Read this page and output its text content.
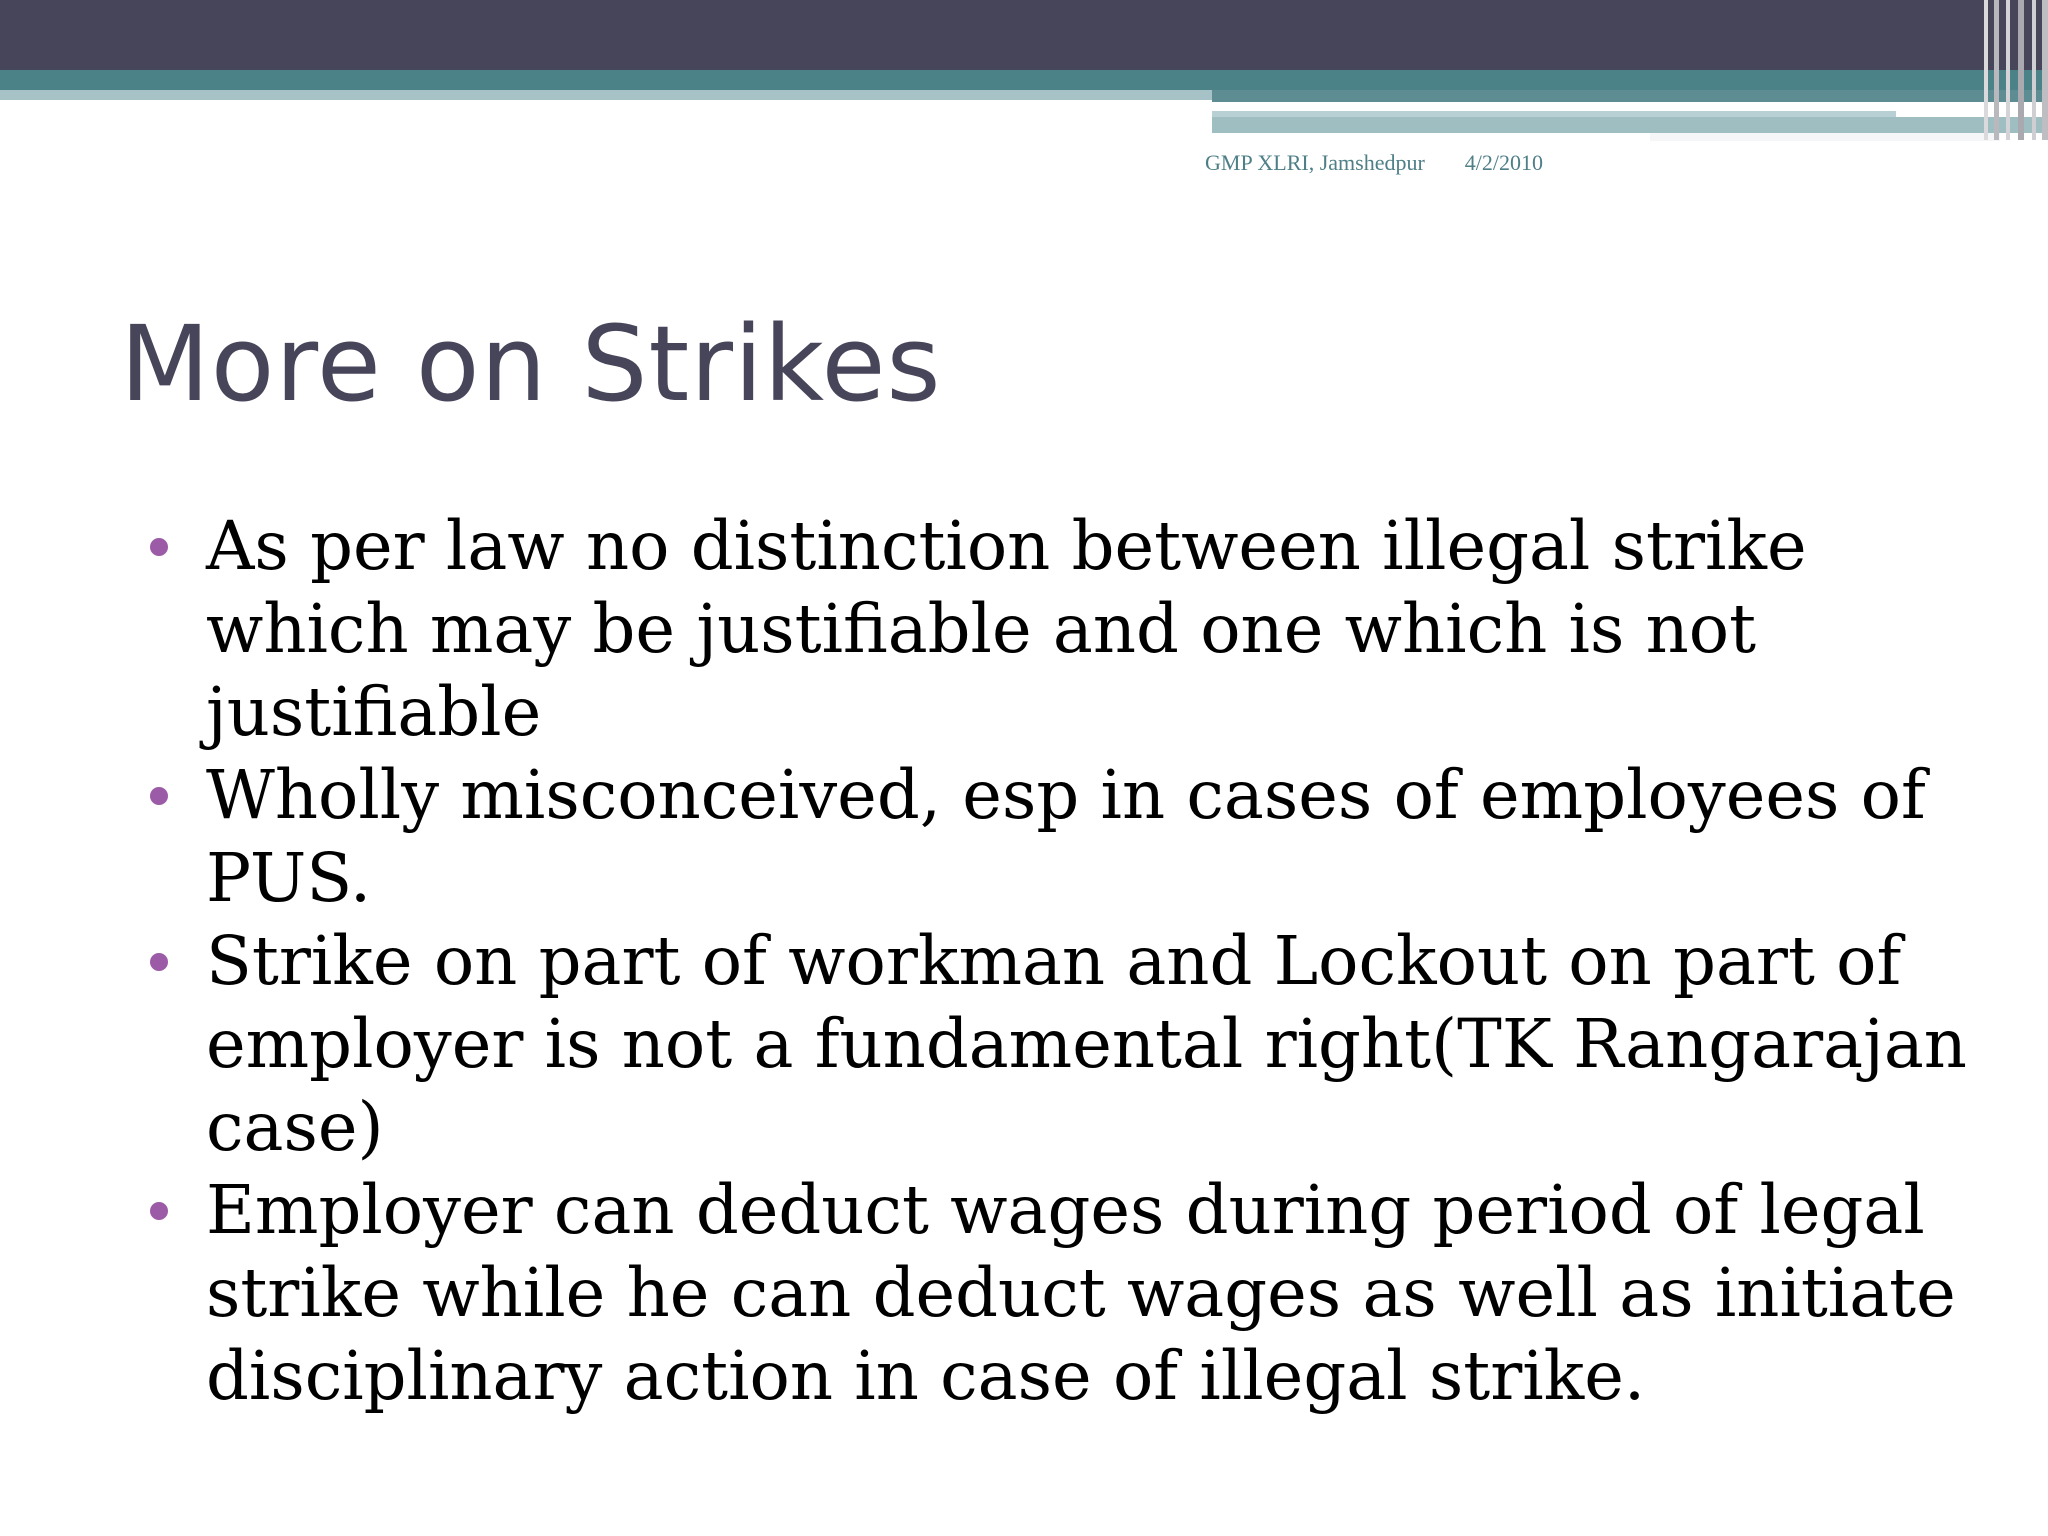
GMP XLRI, Jamshedpur 4/2/2010
More on Strikes
As per law no distinction between illegal strike which may be justifiable and one which is not justifiable
Wholly misconceived, esp in cases of employees of PUS.
Strike on part of workman and Lockout on part of employer is not a fundamental right(TK Rangarajan case)
Employer can deduct wages during period of legal strike while he can deduct wages as well as initiate disciplinary action in case of illegal strike.
